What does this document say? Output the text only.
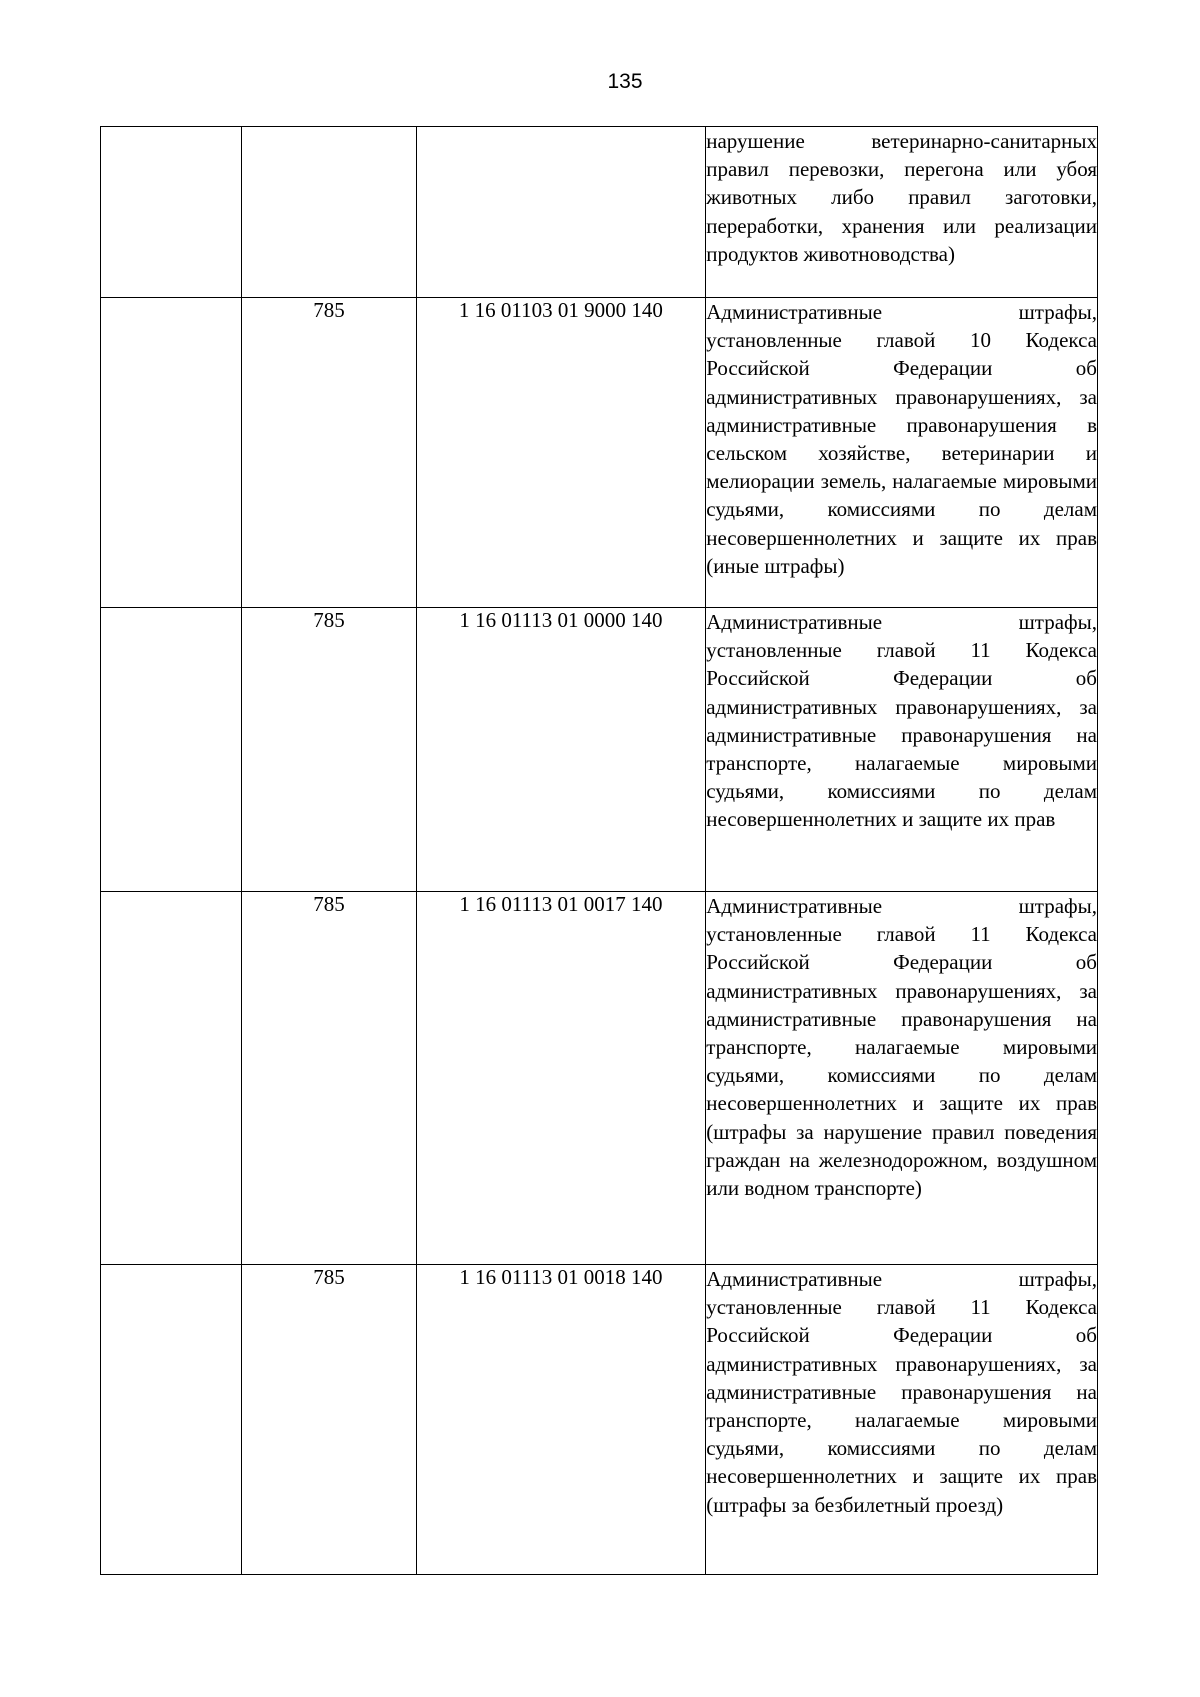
135
			нарушение ветеринарно-санитарных правил перевозки, перегона или убоя животных либо правил заготовки, переработки, хранения или реализации продуктов животноводства)
	785	1 16 01103 01 9000 140	Административные штрафы, установленные главой 10 Кодекса Российской Федерации об административных правонарушениях, за административные правонарушения в сельском хозяйстве, ветеринарии и мелиорации земель, налагаемые мировыми судьями, комиссиями по делам несовершеннолетних и защите их прав (иные штрафы)
	785	1 16 01113 01 0000 140	Административные штрафы, установленные главой 11 Кодекса Российской Федерации об административных правонарушениях, за административные правонарушения на транспорте, налагаемые мировыми судьями, комиссиями по делам несовершеннолетних и защите их прав
	785	1 16 01113 01 0017 140	Административные штрафы, установленные главой 11 Кодекса Российской Федерации об административных правонарушениях, за административные правонарушения на транспорте, налагаемые мировыми судьями, комиссиями по делам несовершеннолетних и защите их прав (штрафы за нарушение правил поведения граждан на железнодорожном, воздушном или водном транспорте)
	785	1 16 01113 01 0018 140	Административные штрафы, установленные главой 11 Кодекса Российской Федерации об административных правонарушениях, за административные правонарушения на транспорте, налагаемые мировыми судьями, комиссиями по делам несовершеннолетних и защите их прав (штрафы за безбилетный проезд)
